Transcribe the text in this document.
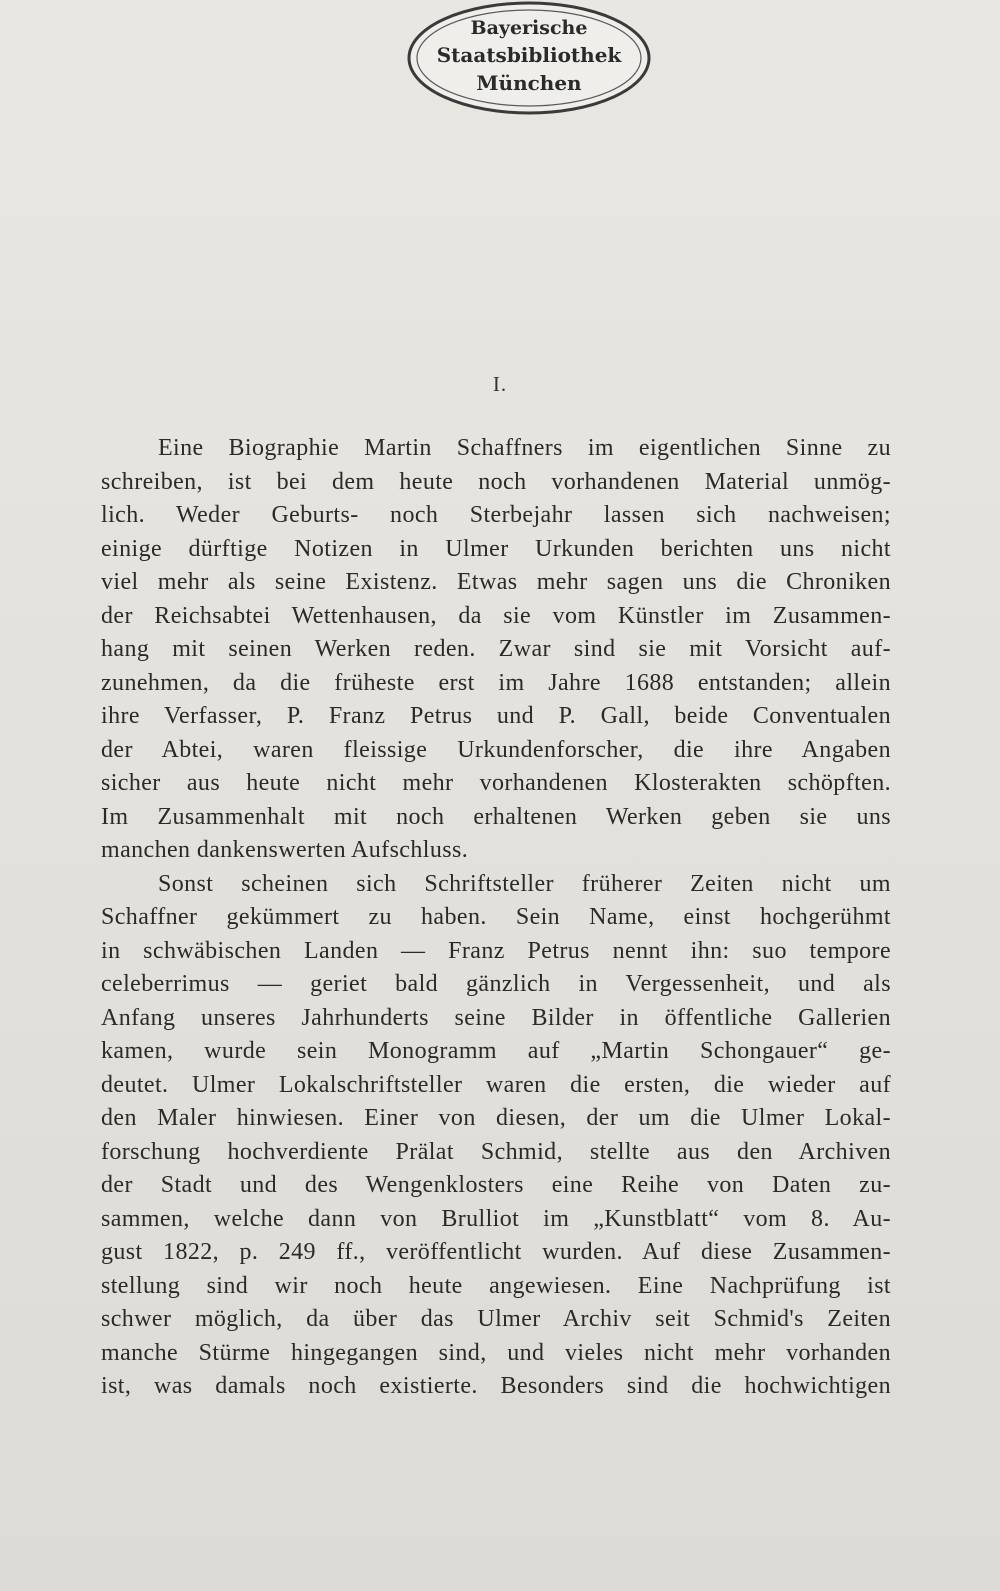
Bayerische
Staatsbibliothek
München
I.
Eine Biographie Martin Schaffners im eigentlichen Sinne zu
schreiben, ist bei dem heute noch vorhandenen Material unmög-
lich. Weder Geburts- noch Sterbejahr lassen sich nachweisen;
einige dürftige Notizen in Ulmer Urkunden berichten uns nicht
viel mehr als seine Existenz. Etwas mehr sagen uns die Chroniken
der Reichsabtei Wettenhausen, da sie vom Künstler im Zusammen-
hang mit seinen Werken reden. Zwar sind sie mit Vorsicht auf-
zunehmen, da die früheste erst im Jahre 1688 entstanden; allein
ihre Verfasser, P. Franz Petrus und P. Gall, beide Conventualen
der Abtei, waren fleissige Urkundenforscher, die ihre Angaben
sicher aus heute nicht mehr vorhandenen Klosterakten schöpften.
Im Zusammenhalt mit noch erhaltenen Werken geben sie uns
manchen dankenswerten Aufschluss.
Sonst scheinen sich Schriftsteller früherer Zeiten nicht um
Schaffner gekümmert zu haben. Sein Name, einst hochgerühmt
in schwäbischen Landen — Franz Petrus nennt ihn: suo tempore
celeberrimus — geriet bald gänzlich in Vergessenheit, und als
Anfang unseres Jahrhunderts seine Bilder in öffentliche Gallerien
kamen, wurde sein Monogramm auf „Martin Schongauer“ ge-
deutet. Ulmer Lokalschriftsteller waren die ersten, die wieder auf
den Maler hinwiesen. Einer von diesen, der um die Ulmer Lokal-
forschung hochverdiente Prälat Schmid, stellte aus den Archiven
der Stadt und des Wengenklosters eine Reihe von Daten zu-
sammen, welche dann von Brulliot im „Kunstblatt“ vom 8. Au-
gust 1822, p. 249 ff., veröffentlicht wurden. Auf diese Zusammen-
stellung sind wir noch heute angewiesen. Eine Nachprüfung ist
schwer möglich, da über das Ulmer Archiv seit Schmid's Zeiten
manche Stürme hingegangen sind, und vieles nicht mehr vorhanden
ist, was damals noch existierte. Besonders sind die hochwichtigen
